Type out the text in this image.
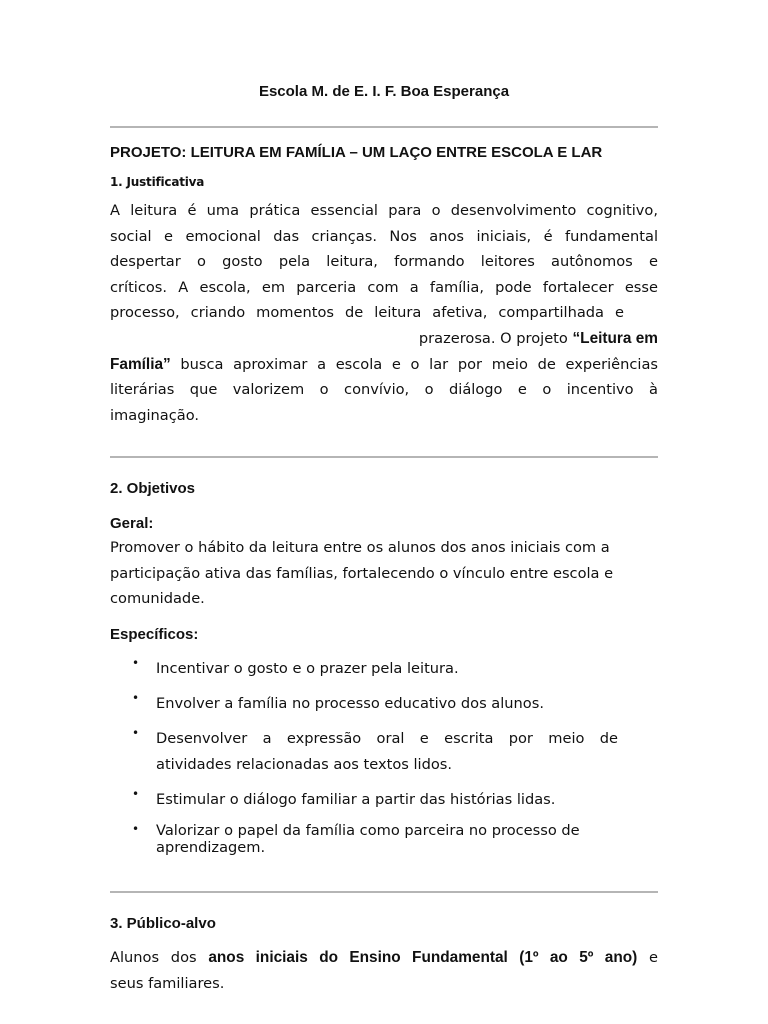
Escola M. de E. I. F. Boa Esperança
PROJETO: LEITURA EM FAMÍLIA – UM LAÇO ENTRE ESCOLA E LAR
1. Justificativa
A leitura é uma prática essencial para o desenvolvimento cognitivo,
social e emocional das crianças. Nos anos iniciais, é fundamental
despertar o gosto pela leitura, formando leitores autônomos e
críticos. A escola, em parceria com a família, pode fortalecer esse
processo, criando momentos de leitura afetiva, compartilhada e
prazerosa. O projeto “Leitura em
Família” busca aproximar a escola e o lar por meio de experiências
literárias que valorizem o convívio, o diálogo e o incentivo à
imaginação.
2. Objetivos
Geral:
Promover o hábito da leitura entre os alunos dos anos iniciais com a
participação ativa das famílias, fortalecendo o vínculo entre escola e
comunidade.
Específicos:
• Incentivar o gosto e o prazer pela leitura.
• Envolver a família no processo educativo dos alunos.
• Desenvolver a expressão oral e escrita por meio de
atividades relacionadas aos textos lidos.
• Estimular o diálogo familiar a partir das histórias lidas.
• Valorizar o papel da família como parceira no processo de
aprendizagem.
3. Público-alvo
Alunos dos anos iniciais do Ensino Fundamental (1º ao 5º ano) e
seus familiares.
